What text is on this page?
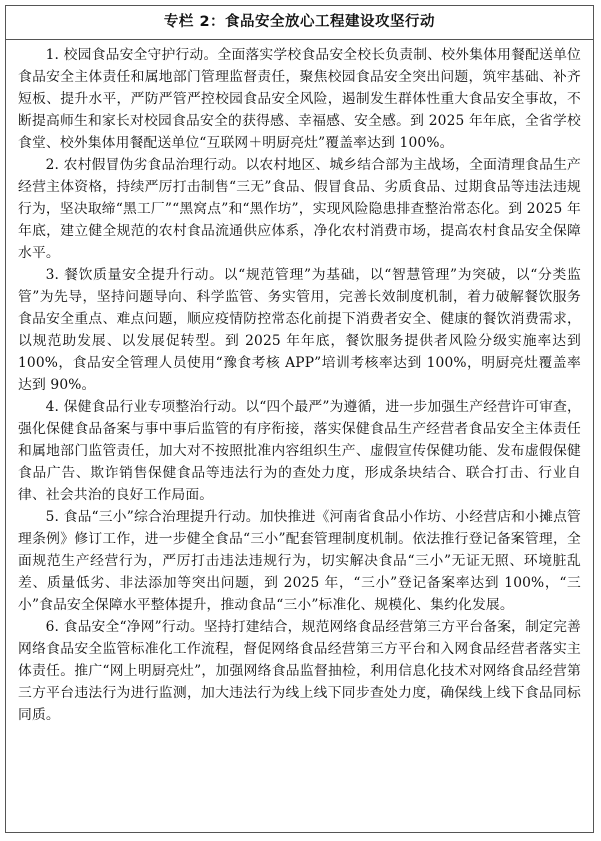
专栏 2：食品安全放心工程建设攻坚行动

1. 校园食品安全守护行动。全面落实学校食品安全校长负责制、校外集体用餐配送单位食品安全主体责任和属地部门管理监督责任，聚焦校园食品安全突出问题，筑牢基础、补齐短板、提升水平，严防严管严控校园食品安全风险，遏制发生群体性重大食品安全事故，不断提高师生和家长对校园食品安全的获得感、幸福感、安全感。到 2025 年年底，全省学校食堂、校外集体用餐配送单位“互联网＋明厨亮灶”覆盖率达到 100%。

2. 农村假冒伪劣食品治理行动。以农村地区、城乡结合部为主战场，全面清理食品生产经营主体资格，持续严厉打击制售“三无”食品、假冒食品、劣质食品、过期食品等违法违规行为，坚决取缔“黑工厂”“黑窝点”和“黑作坊”，实现风险隐患排查整治常态化。到 2025 年年底，建立健全规范的农村食品流通供应体系，净化农村消费市场，提高农村食品安全保障水平。

3. 餐饮质量安全提升行动。以“规范管理”为基础，以“智慧管理”为突破，以“分类监管”为先导，坚持问题导向、科学监管、务实管用，完善长效制度机制，着力破解餐饮服务食品安全重点、难点问题，顺应疫情防控常态化前提下消费者安全、健康的餐饮消费需求，以规范助发展、以发展促转型。到 2025 年年底，餐饮服务提供者风险分级实施率达到 100%，食品安全管理人员使用“豫食考核 APP”培训考核率达到 100%，明厨亮灶覆盖率达到 90%。

4. 保健食品行业专项整治行动。以“四个最严”为遵循，进一步加强生产经营许可审查，强化保健食品备案与事中事后监管的有序衔接，落实保健食品生产经营者食品安全主体责任和属地部门监管责任，加大对不按照批准内容组织生产、虚假宣传保健功能、发布虚假保健食品广告、欺诈销售保健食品等违法行为的查处力度，形成条块结合、联合打击、行业自律、社会共治的良好工作局面。

5. 食品“三小”综合治理提升行动。加快推进《河南省食品小作坊、小经营店和小摊点管理条例》修订工作，进一步健全食品“三小”配套管理制度机制。依法推行登记备案管理，全面规范生产经营行为，严厉打击违法违规行为，切实解决食品“三小”无证无照、环境脏乱差、质量低劣、非法添加等突出问题，到 2025 年，“三小”登记备案率达到 100%，“三小”食品安全保障水平整体提升，推动食品“三小”标准化、规模化、集约化发展。

6. 食品安全“净网”行动。坚持打建结合，规范网络食品经营第三方平台备案，制定完善网络食品安全监管标准化工作流程，督促网络食品经营第三方平台和入网食品经营者落实主体责任。推广“网上明厨亮灶”，加强网络食品监督抽检，利用信息化技术对网络食品经营第三方平台违法行为进行监测，加大违法行为线上线下同步查处力度，确保线上线下食品同标同质。
